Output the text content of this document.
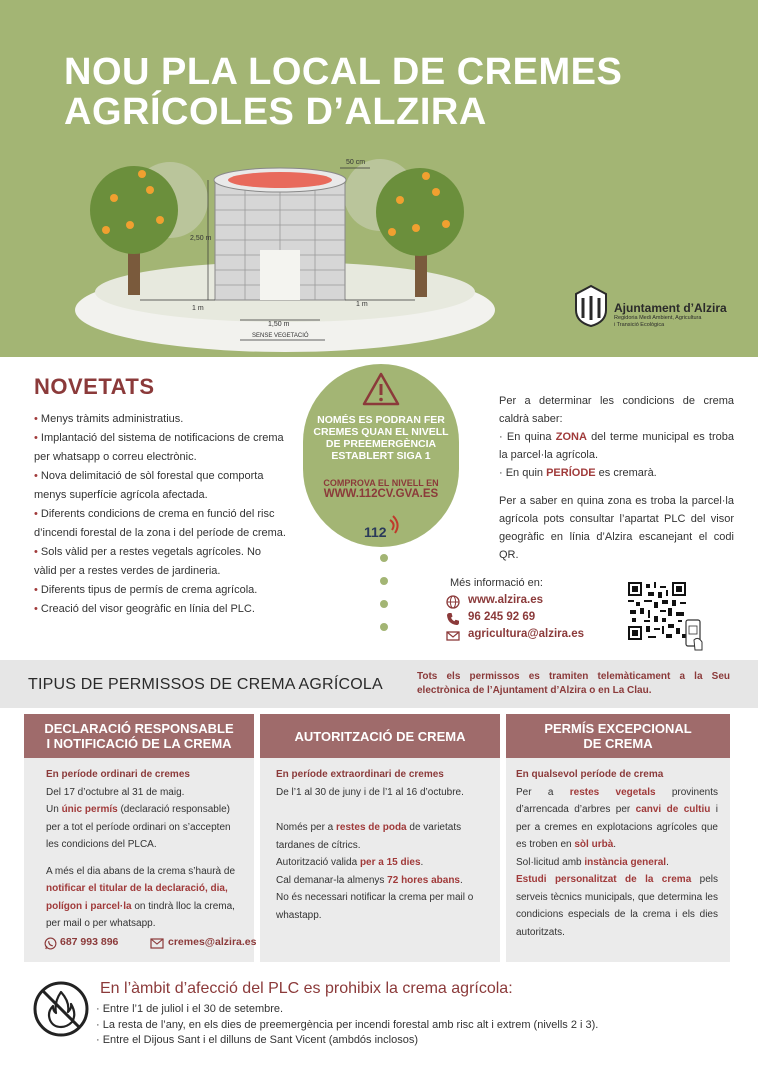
NOU PLA LOCAL DE CREMES
AGRÍCOLES D’ALZIRA
2,50 m
50 cm
1 m
1 m
1,50 m
SENSE VEGETACIÓ
Ajuntament d’Alzira
Regidoria Medi Ambient, Agricultura
i Transició Ecològica
NOVETATS
• Menys tràmits administratius.
• Implantació del sistema de notificacions de crema per whatsapp o correu electrònic.
• Nova delimitació de sòl forestal que comporta menys superfície agrícola afectada.
• Diferents condicions de crema en funció del risc d’incendi forestal de la zona i del període de crema.
• Sols vàlid per a restes vegetals agrícoles. No vàlid per a restes verdes de jardineria.
• Diferents tipus de permís de crema agrícola.
• Creació del visor geogràfic en línia del PLC.
NOMÉS ES PODRAN FER CREMES QUAN EL NIVELL DE PREEMERGÈNCIA ESTABLERT SIGA 1
COMPROVA EL NIVELL EN
WWW.112CV.GVA.ES
112

Per a determinar les condicions de crema caldrà saber:

· En quina ZONA del terme municipal es troba la parcel·la agrícola.

· En quin PERÍODE es cremarà.

Per a saber en quina zona es troba la parcel·la agrícola pots consultar l’apartat PLC del visor geogràfic en línia d’Alzira escanejant el codi QR.

Més informació en:
www.alzira.es
96 245 92 69
agricultura@alzira.es
TIPUS DE PERMISSOS DE CREMA AGRÍCOLA	Tots els permissos es tramiten telemàticament a la Seu electrònica de l’Ajuntament d’Alzira o en La Clau.
DECLARACIÓ RESPONSABLE
I NOTIFICACIÓ DE LA CREMA

En període ordinari de cremes

Del 17 d’octubre al 31 de maig.

Un únic permís (declaració responsable) per a tot el període ordinari on s’accepten les condicions del PLCA.

A més el dia abans de la crema s’haurà de notificar el titular de la declaració, dia, polígon i parcel·la on tindrà lloc la crema, per mail o per whatsapp.

687 993 896	cremes@alzira.es
AUTORITZACIÓ DE CREMA

En període extraordinari de cremes

De l’1 al 30 de juny i de l’1 al 16 d’octubre.

Només per a restes de poda de varietats tardanes de cítrics.

Autorització valida per a 15 dies.

Cal demanar-la almenys 72 hores abans.

No és necessari notificar la crema per mail o whastapp.

PERMÍS EXCEPCIONAL
DE CREMA

En qualsevol període de crema

Per a restes vegetals provinents d’arrencada d’arbres per canvi de cultiu i per a cremes en explotacions agrícoles que es troben en sòl urbà.

Sol·licitud amb instància general.

Estudi personalitzat de la crema pels serveis tècnics municipals, que determina les condicions especials de la crema i els dies autoritzats.

En l’àmbit d’afecció del PLC es prohibix la crema agrícola:
· Entre l’1 de juliol i el 30 de setembre.
· La resta de l’any, en els dies de preemergència per incendi forestal amb risc alt i extrem (nivells 2 i 3).
· Entre el Dijous Sant i el dilluns de Sant Vicent (ambdós inclosos)
